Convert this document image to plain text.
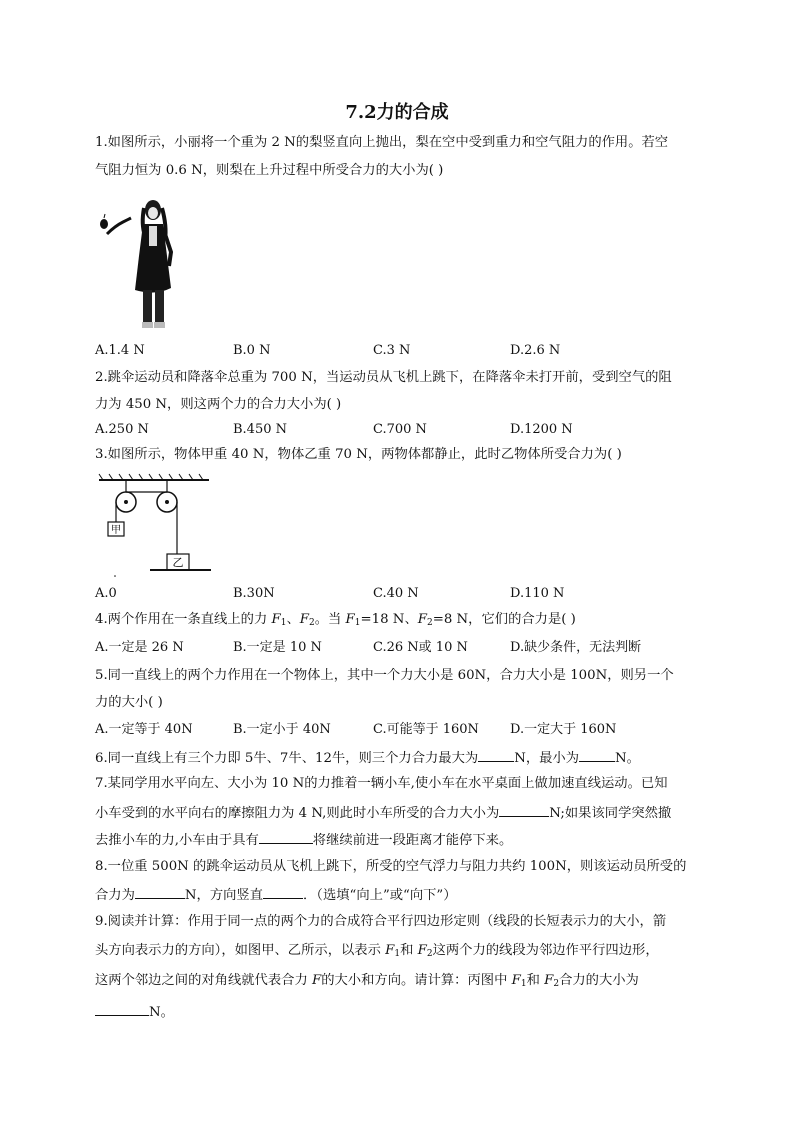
7.2力的合成
1.如图所示，小丽将一个重为 2 N的梨竖直向上抛出，梨在空中受到重力和空气阻力的作用。若空
气阻力恒为 0.6 N，则梨在上升过程中所受合力的大小为( )
A.1.4 N	B.0 N	C.3 N	D.2.6 N
2.跳伞运动员和降落伞总重为 700 N，当运动员从飞机上跳下，在降落伞未打开前，受到空气的阻
力为 450 N，则这两个力的合力大小为( )
A.250 N	B.450 N	C.700 N	D.1200 N
3.如图所示，物体甲重 40 N，物体乙重 70 N，两物体都静止，此时乙物体所受合力为( )
甲
乙
A.0	B.30N	C.40 N	D.110 N
4.两个作用在一条直线上的力 $F_1$、$F_2$。当 $F_1=18$ N、$F_2=8$ N，它们的合力是( )
A.一定是 26 N	B.一定是 10 N	C.26 N或 10 N	D.缺少条件，无法判断
5.同一直线上的两个力作用在一个物体上，其中一个力大小是 60N，合力大小是 100N，则另一个
力的大小( )
A.一定等于 40N	B.一定小于 40N	C.可能等于 160N D.一定大于 160N
6.同一直线上有三个力即 5牛、7牛、12牛，则三个力合力最大为	N，最小为	N。
7.某同学用水平向左、大小为 10 N的力推着一辆小车,使小车在水平桌面上做加速直线运动。已知
小车受到的水平向右的摩擦阻力为 4 N,则此时小车所受的合力大小为	N;如果该同学突然撤
去推小车的力,小车由于具有	将继续前进一段距离才能停下来。
8.一位重 500N 的跳伞运动员从飞机上跳下，所受的空气浮力与阻力共约 100N，则该运动员所受的
合力为	N，方向竖直	．（选填“向上”或“向下”）
9.阅读并计算：作用于同一点的两个力的合成符合平行四边形定则（线段的长短表示力的大小，箭
头方向表示力的方向），如图甲、乙所示，以表示 $F_1$和 $F_2$这两个力的线段为邻边作平行四边形，
这两个邻边之间的对角线就代表合力 F的大小和方向。请计算：丙图中 $F_1$和 $F_2$合力的大小为
N。
